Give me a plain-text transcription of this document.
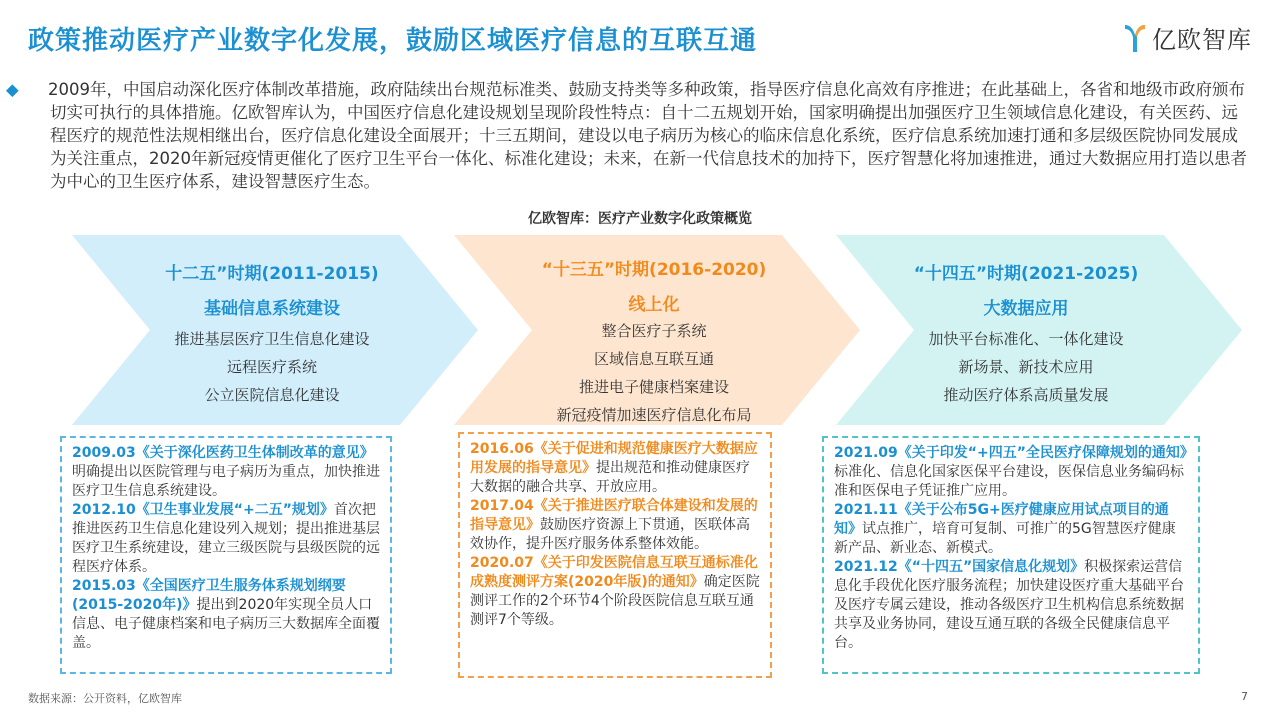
政策推动医疗产业数字化发展，鼓励区域医疗信息的互联互通	亿欧智库
◆ 2009年，中国启动深化医疗体制改革措施，政府陆续出台规范标准类、鼓励支持类等多种政策，指导医疗信息化高效有序推进；在此基础上，各省和地级市政府颁布切实可执行的具体措施。亿欧智库认为，中国医疗信息化建设规划呈现阶段性特点：自十二五规划开始，国家明确提出加强医疗卫生领域信息化建设，有关医药、远程医疗的规范性法规相继出台，医疗信息化建设全面展开；十三五期间，建设以电子病历为核心的临床信息化系统，医疗信息系统加速打通和多层级医院协同发展成为关注重点，2020年新冠疫情更催化了医疗卫生平台一体化、标准化建设；未来，在新一代信息技术的加持下，医疗智慧化将加速推进，通过大数据应用打造以患者为中心的卫生医疗体系，建设智慧医疗生态。
亿欧智库：医疗产业数字化政策概览
十二五”时期(2011-2015)
基础信息系统建设
推进基层医疗卫生信息化建设
远程医疗系统
公立医院信息化建设
“十三五”时期(2016-2020)
线上化
整合医疗子系统
区域信息互联互通
推进电子健康档案建设
新冠疫情加速医疗信息化布局
“十四五”时期(2021-2025)
大数据应用
加快平台标准化、一体化建设
新场景、新技术应用
推动医疗体系高质量发展
2009.03《关于深化医药卫生体制改革的意见》明确提出以医院管理与电子病历为重点，加快推进医疗卫生信息系统建设。
2012.10《卫生事业发展“+二五”规划》首次把推进医药卫生信息化建设列入规划；提出推进基层医疗卫生系统建设，建立三级医院与县级医院的远程医疗体系。
2015.03《全国医疗卫生服务体系规划纲要(2015-2020年)》提出到2020年实现全员人口信息、电子健康档案和电子病历三大数据库全面覆盖。
2016.06《关于促进和规范健康医疗大数据应用发展的指导意见》提出规范和推动健康医疗大数据的融合共享、开放应用。
2017.04《关于推进医疗联合体建设和发展的指导意见》鼓励医疗资源上下贯通，医联体高效协作，提升医疗服务体系整体效能。
2020.07《关于印发医院信息互联互通标准化成熟度测评方案(2020年版)的通知》确定医院测评工作的2个环节4个阶段医院信息互联互通测评7个等级。
2021.09《关于印发“+四五”全民医疗保障规划的通知》标准化、信息化国家医保平台建设，医保信息业务编码标准和医保电子凭证推广应用。
2021.11《关于公布5G+医疗健康应用试点项目的通知》试点推广，培育可复制、可推广的5G智慧医疗健康新产品、新业态、新模式。
2021.12《“十四五”国家信息化规划》积极探索运营信息化手段优化医疗服务流程；加快建设医疗重大基础平台及医疗专属云建设，推动各级医疗卫生机构信息系统数据共享及业务协同，建设互通互联的各级全民健康信息平台。
数据来源：公开资料，亿欧智库	7
